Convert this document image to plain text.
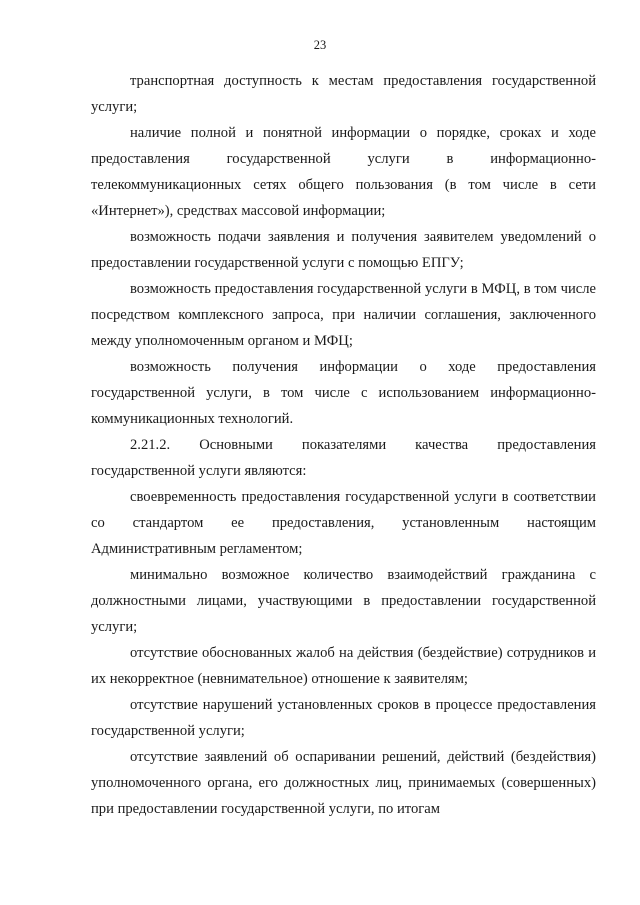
23

транспортная доступность к местам предоставления государственной услуги;

наличие полной и понятной информации о порядке, сроках и ходе предоставления государственной услуги в информационно-телекоммуникационных сетях общего пользования (в том числе в сети «Интернет»), средствах массовой информации;

возможность подачи заявления и получения заявителем уведомлений о предоставлении государственной услуги с помощью ЕПГУ;

возможность предоставления государственной услуги в МФЦ, в том числе посредством комплексного запроса, при наличии соглашения, заключенного между уполномоченным органом и МФЦ;

возможность получения информации о ходе предоставления государственной услуги, в том числе с использованием информационно-коммуникационных технологий.

2.21.2. Основными показателями качества предоставления государственной услуги являются:

своевременность предоставления государственной услуги в соответствии со стандартом ее предоставления, установленным настоящим Административным регламентом;

минимально возможное количество взаимодействий гражданина с должностными лицами, участвующими в предоставлении государственной услуги;

отсутствие обоснованных жалоб на действия (бездействие) сотрудников и их некорректное (невнимательное) отношение к заявителям;

отсутствие нарушений установленных сроков в процессе предоставления государственной услуги;

отсутствие заявлений об оспаривании решений, действий (бездействия) уполномоченного органа, его должностных лиц, принимаемых (совершенных) при предоставлении государственной услуги, по итогам
